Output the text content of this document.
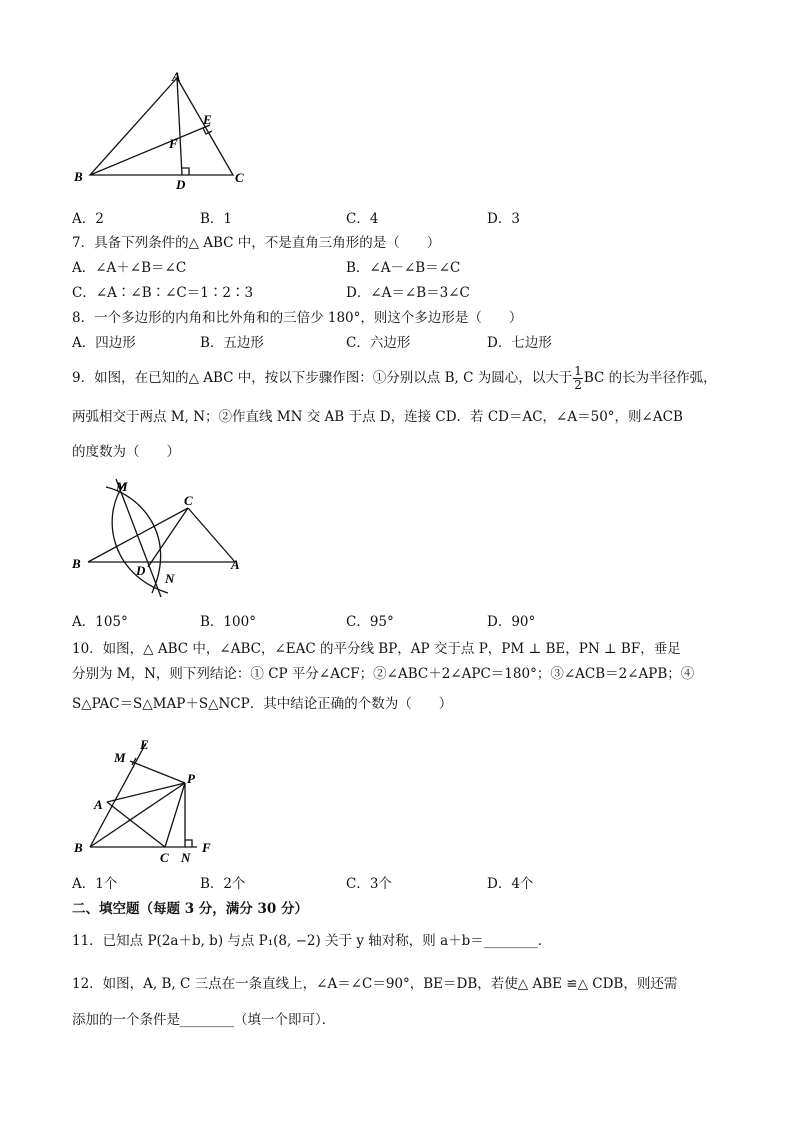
A
E
F
B
D	C
A．2	B．1	C．4	D．3
7．具备下列条件的△ ABC 中，不是直角三角形的是（　　）
A．∠A＋∠B＝∠C	B．∠A－∠B＝∠C
C．∠A∶∠B∶∠C＝1∶2∶3	D．∠A＝∠B＝3∠C
8．一个多边形的内角和比外角和的三倍少 180°，则这个多边形是（　　）
A．四边形	B．五边形	C．六边形	D．七边形
9．如图，在已知的△ ABC 中，按以下步骤作图：①分别以点 B, C 为圆心，以大于 $\frac{1}{2}$ BC 的长为半径作弧，
两弧相交于两点 M, N；②作直线 MN 交 AB 于点 D，连接 CD．若 CD＝AC，∠A＝50°，则∠ACB
的度数为（　　）
M
C
B	D
N
A
A．105°	B．100°	C．95°	D．90°
10．如图，△ ABC 中，∠ABC，∠EAC 的平分线 BP，AP 交于点 P，PM ⊥ BE，PN ⊥ BF，垂足
分别为 M，N，则下列结论：① CP 平分∠ACF；②∠ABC＋2∠APC＝180°；③∠ACB＝2∠APB；④
S△PAC＝S△MAP＋S△NCP．其中结论正确的个数为（　　）
M
E
A
P
B
C N
F
A．1个	B．2个	C．3个	D．4个
二、填空题（每题 3 分，满分 30 分）
11．已知点 P(2a＋b, b) 与点 P₁(8, −2) 关于 y 轴对称，则 a＋b＝________．
12．如图，A, B, C 三点在一条直线上，∠A＝∠C＝90°，BE＝DB，若使△ ABE ≌△ CDB，则还需
添加的一个条件是________（填一个即可）．
